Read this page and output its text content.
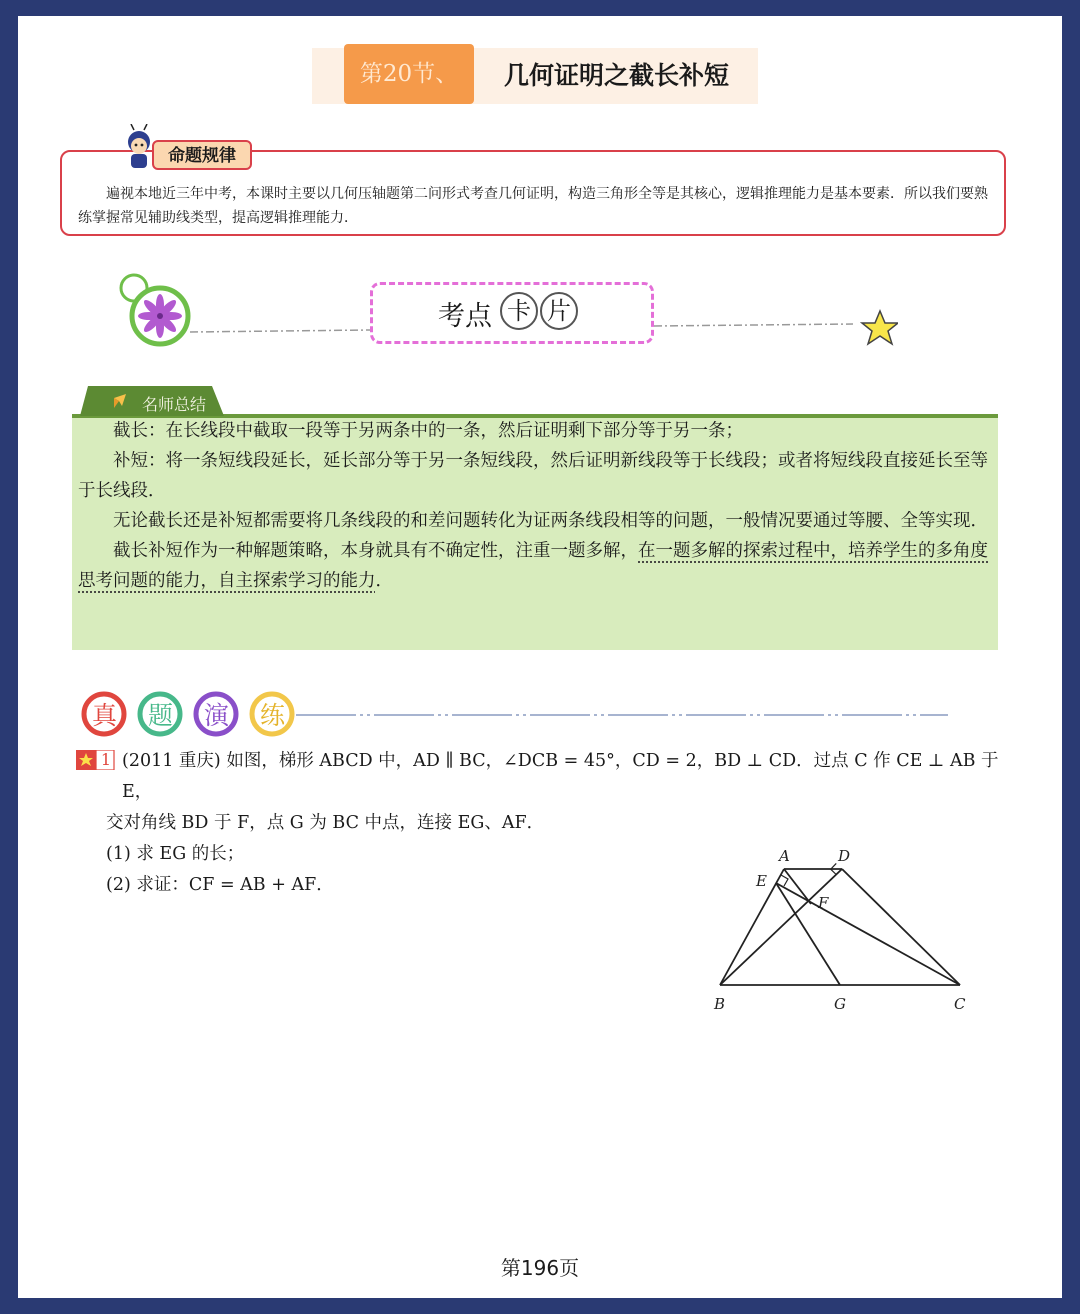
第20节、	几何证明之截长补短
命题规律
遍视本地近三年中考，本课时主要以几何压轴题第二问形式考查几何证明，构造三角形全等是其核心，逻辑推理能力是基本要素．所以我们要熟练掌握常见辅助线类型，提高逻辑推理能力．
考点 卡 片
名师总结

截长：在长线段中截取一段等于另两条中的一条，然后证明剩下部分等于另一条；

补短：将一条短线段延长，延长部分等于另一条短线段，然后证明新线段等于长线段；或者将短线段直接延长至等于长线段．

无论截长还是补短都需要将几条线段的和差问题转化为证两条线段相等的问题，一般情况要通过等腰、全等实现．

截长补短作为一种解题策略，本身就具有不确定性，注重一题多解，在一题多解的探索过程中，培养学生的多角度思考问题的能力，自主探索学习的能力．

真 题 演 练
1 (2011 重庆) 如图，梯形 ABCD 中，AD ∥ BC，∠DCB = 45°，CD = 2，BD ⊥ CD．过点 C 作 CE ⊥ AB 于 E，

交对角线 BD 于 F，点 G 为 BC 中点，连接 EG、AF．

(1) 求 EG 的长；

(2) 求证：CF = AB + AF．

A	D
E
F
B	G	C
第196页
